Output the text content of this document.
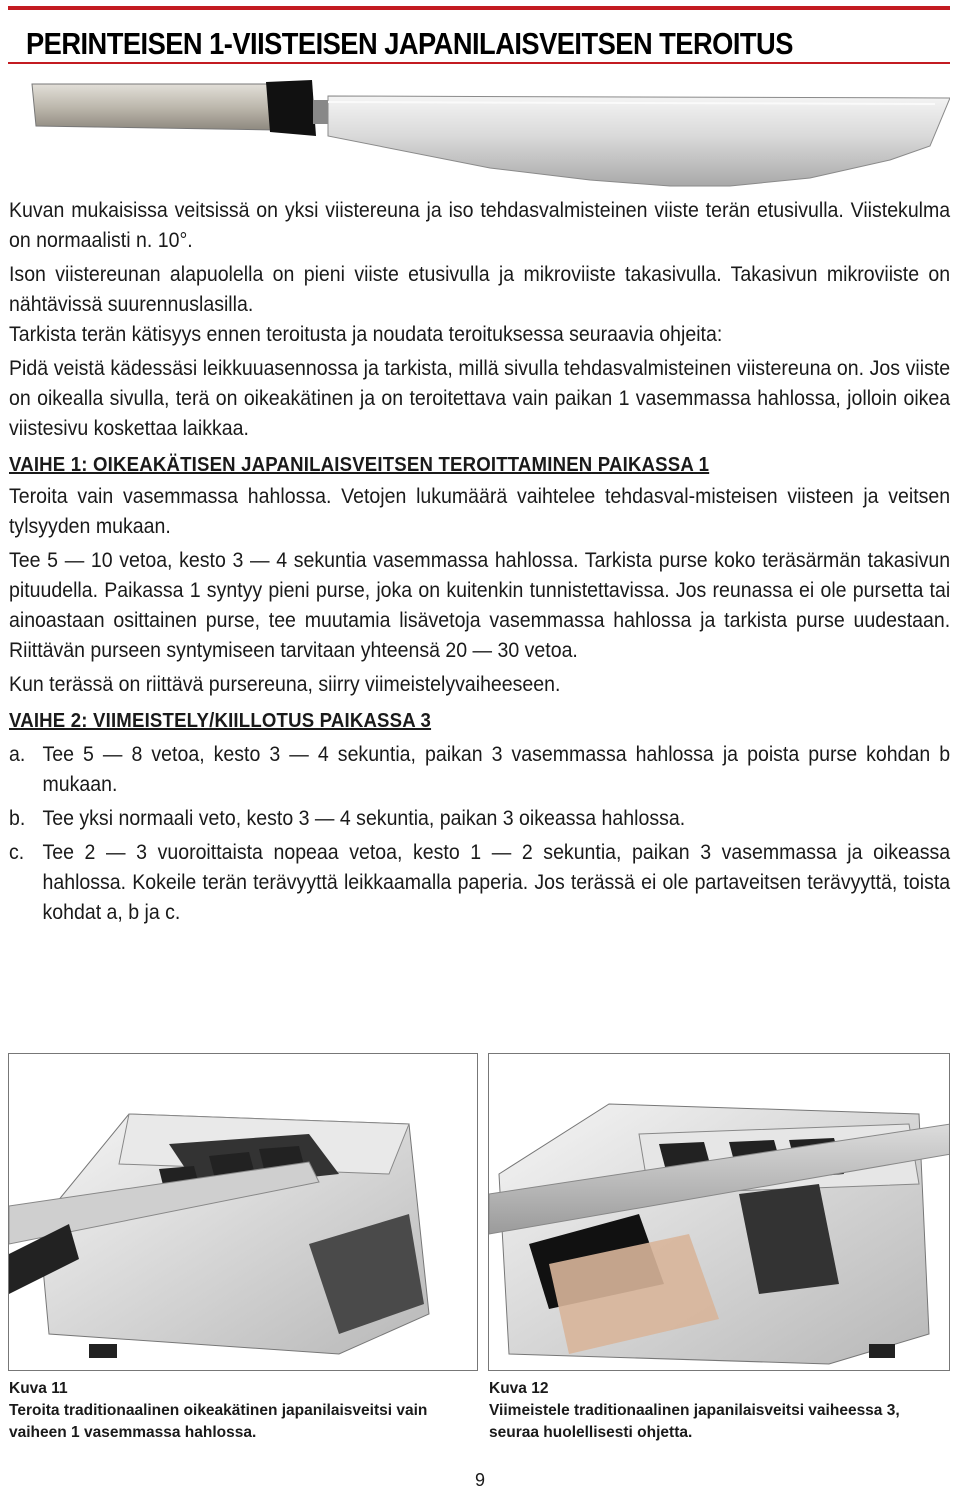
PERINTEISEN 1-VIISTEISEN JAPANILAISVEITSEN TEROITUS

Kuvan mukaisissa veitsissä on yksi viistereuna ja iso tehdasvalmisteinen viiste terän etusivulla. Viistekulma on normaalisti n. 10°.

Ison viistereunan alapuolella on pieni viiste etusivulla ja mikroviiste takasivulla. Takasivun mikroviiste on nähtävissä suurennuslasilla.

Tarkista terän kätisyys ennen teroitusta ja noudata teroituksessa seuraavia ohjeita:

Pidä veistä kädessäsi leikkuuasennossa ja tarkista, millä sivulla tehdasvalmisteinen viistereuna on. Jos viiste on oikealla sivulla, terä on oikeakätinen ja on teroitettava vain paikan 1 vasemmassa hahlossa, jolloin oikea viistesivu koskettaa laikkaa.

VAIHE 1: OIKEAKÄTISEN JAPANILAISVEITSEN TEROITTAMINEN PAIKASSA 1

Teroita vain vasemmassa hahlossa. Vetojen lukumäärä vaihtelee tehdasval-misteisen viisteen ja veitsen tylsyyden mukaan.

Tee 5 — 10 vetoa, kesto 3 — 4 sekuntia vasemmassa hahlossa. Tarkista purse koko teräsärmän takasivun pituudella. Paikassa 1 syntyy pieni purse, joka on kuitenkin tunnistettavissa. Jos reunassa ei ole pursetta tai ainoastaan osittainen purse, tee muutamia lisävetoja vasemmassa hahlossa ja tarkista purse uudestaan. Riittävän purseen syntymiseen tarvitaan yhteensä 20 — 30 vetoa.

Kun terässä on riittävä pursereuna, siirry viimeistelyvaiheeseen.

VAIHE 2: VIIMEISTELY/KIILLOTUS PAIKASSA 3
a. Tee 5 — 8 vetoa, kesto 3 — 4 sekuntia, paikan 3 vasemmassa hahlossa ja poista purse kohdan b mukaan.
b. Tee yksi normaali veto, kesto 3 — 4 sekuntia, paikan 3 oikeassa hahlossa.
c. Tee 2 — 3 vuoroittaista nopeaa vetoa, kesto 1 — 2 sekuntia, paikan 3 vasemmassa ja oikeassa hahlossa. Kokeile terän terävyyttä leikkaamalla paperia. Jos terässä ei ole partaveitsen terävyyttä, toista kohdat a, b ja c.
Kuva 11
Teroita traditionaalinen oikeakätinen japanilaisveitsi vain vaiheen 1 vasemmassa hahlossa.
Kuva 12
Viimeistele traditionaalinen japanilaisveitsi vaiheessa 3, seuraa huolellisesti ohjetta.
9
